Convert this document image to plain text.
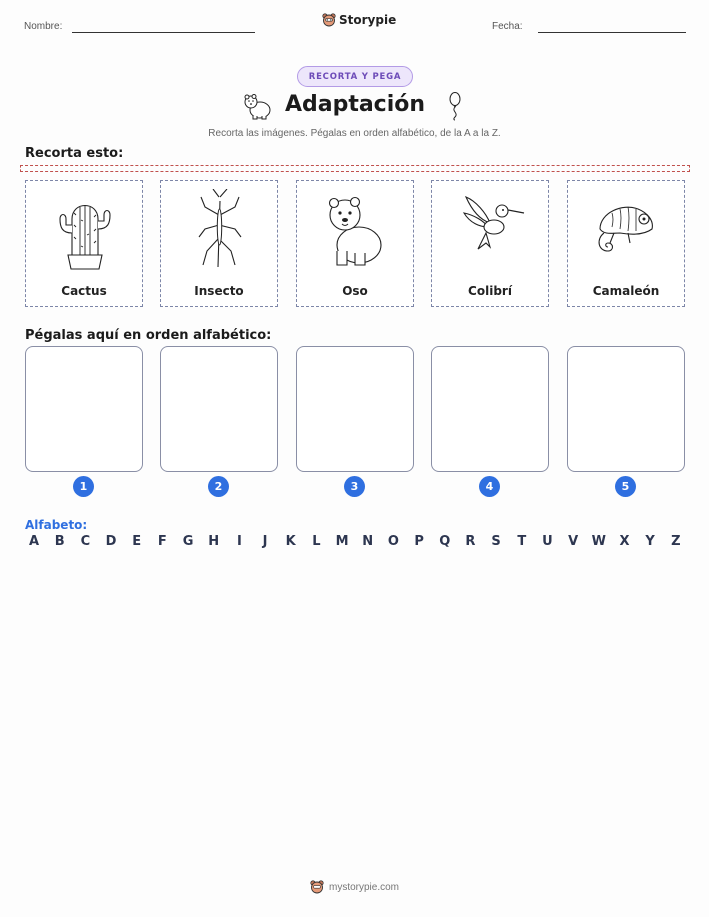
Nombre:	Storypie	Fecha:
RECORTA Y PEGA
Adaptación
Recorta las imágenes. Pégalas en orden alfabético, de la A a la Z.
Recorta esto:
Cactus	Insecto	Oso	Colibrí	Camaleón
Pégalas aquí en orden alfabético:
1	2	3	4	5
Alfabeto:
A	B	C	D	E	F	G H	I	J	K	L	M N O	P	Q	R	S	T	U	V	W	X	Y	Z
mystorypie.com
